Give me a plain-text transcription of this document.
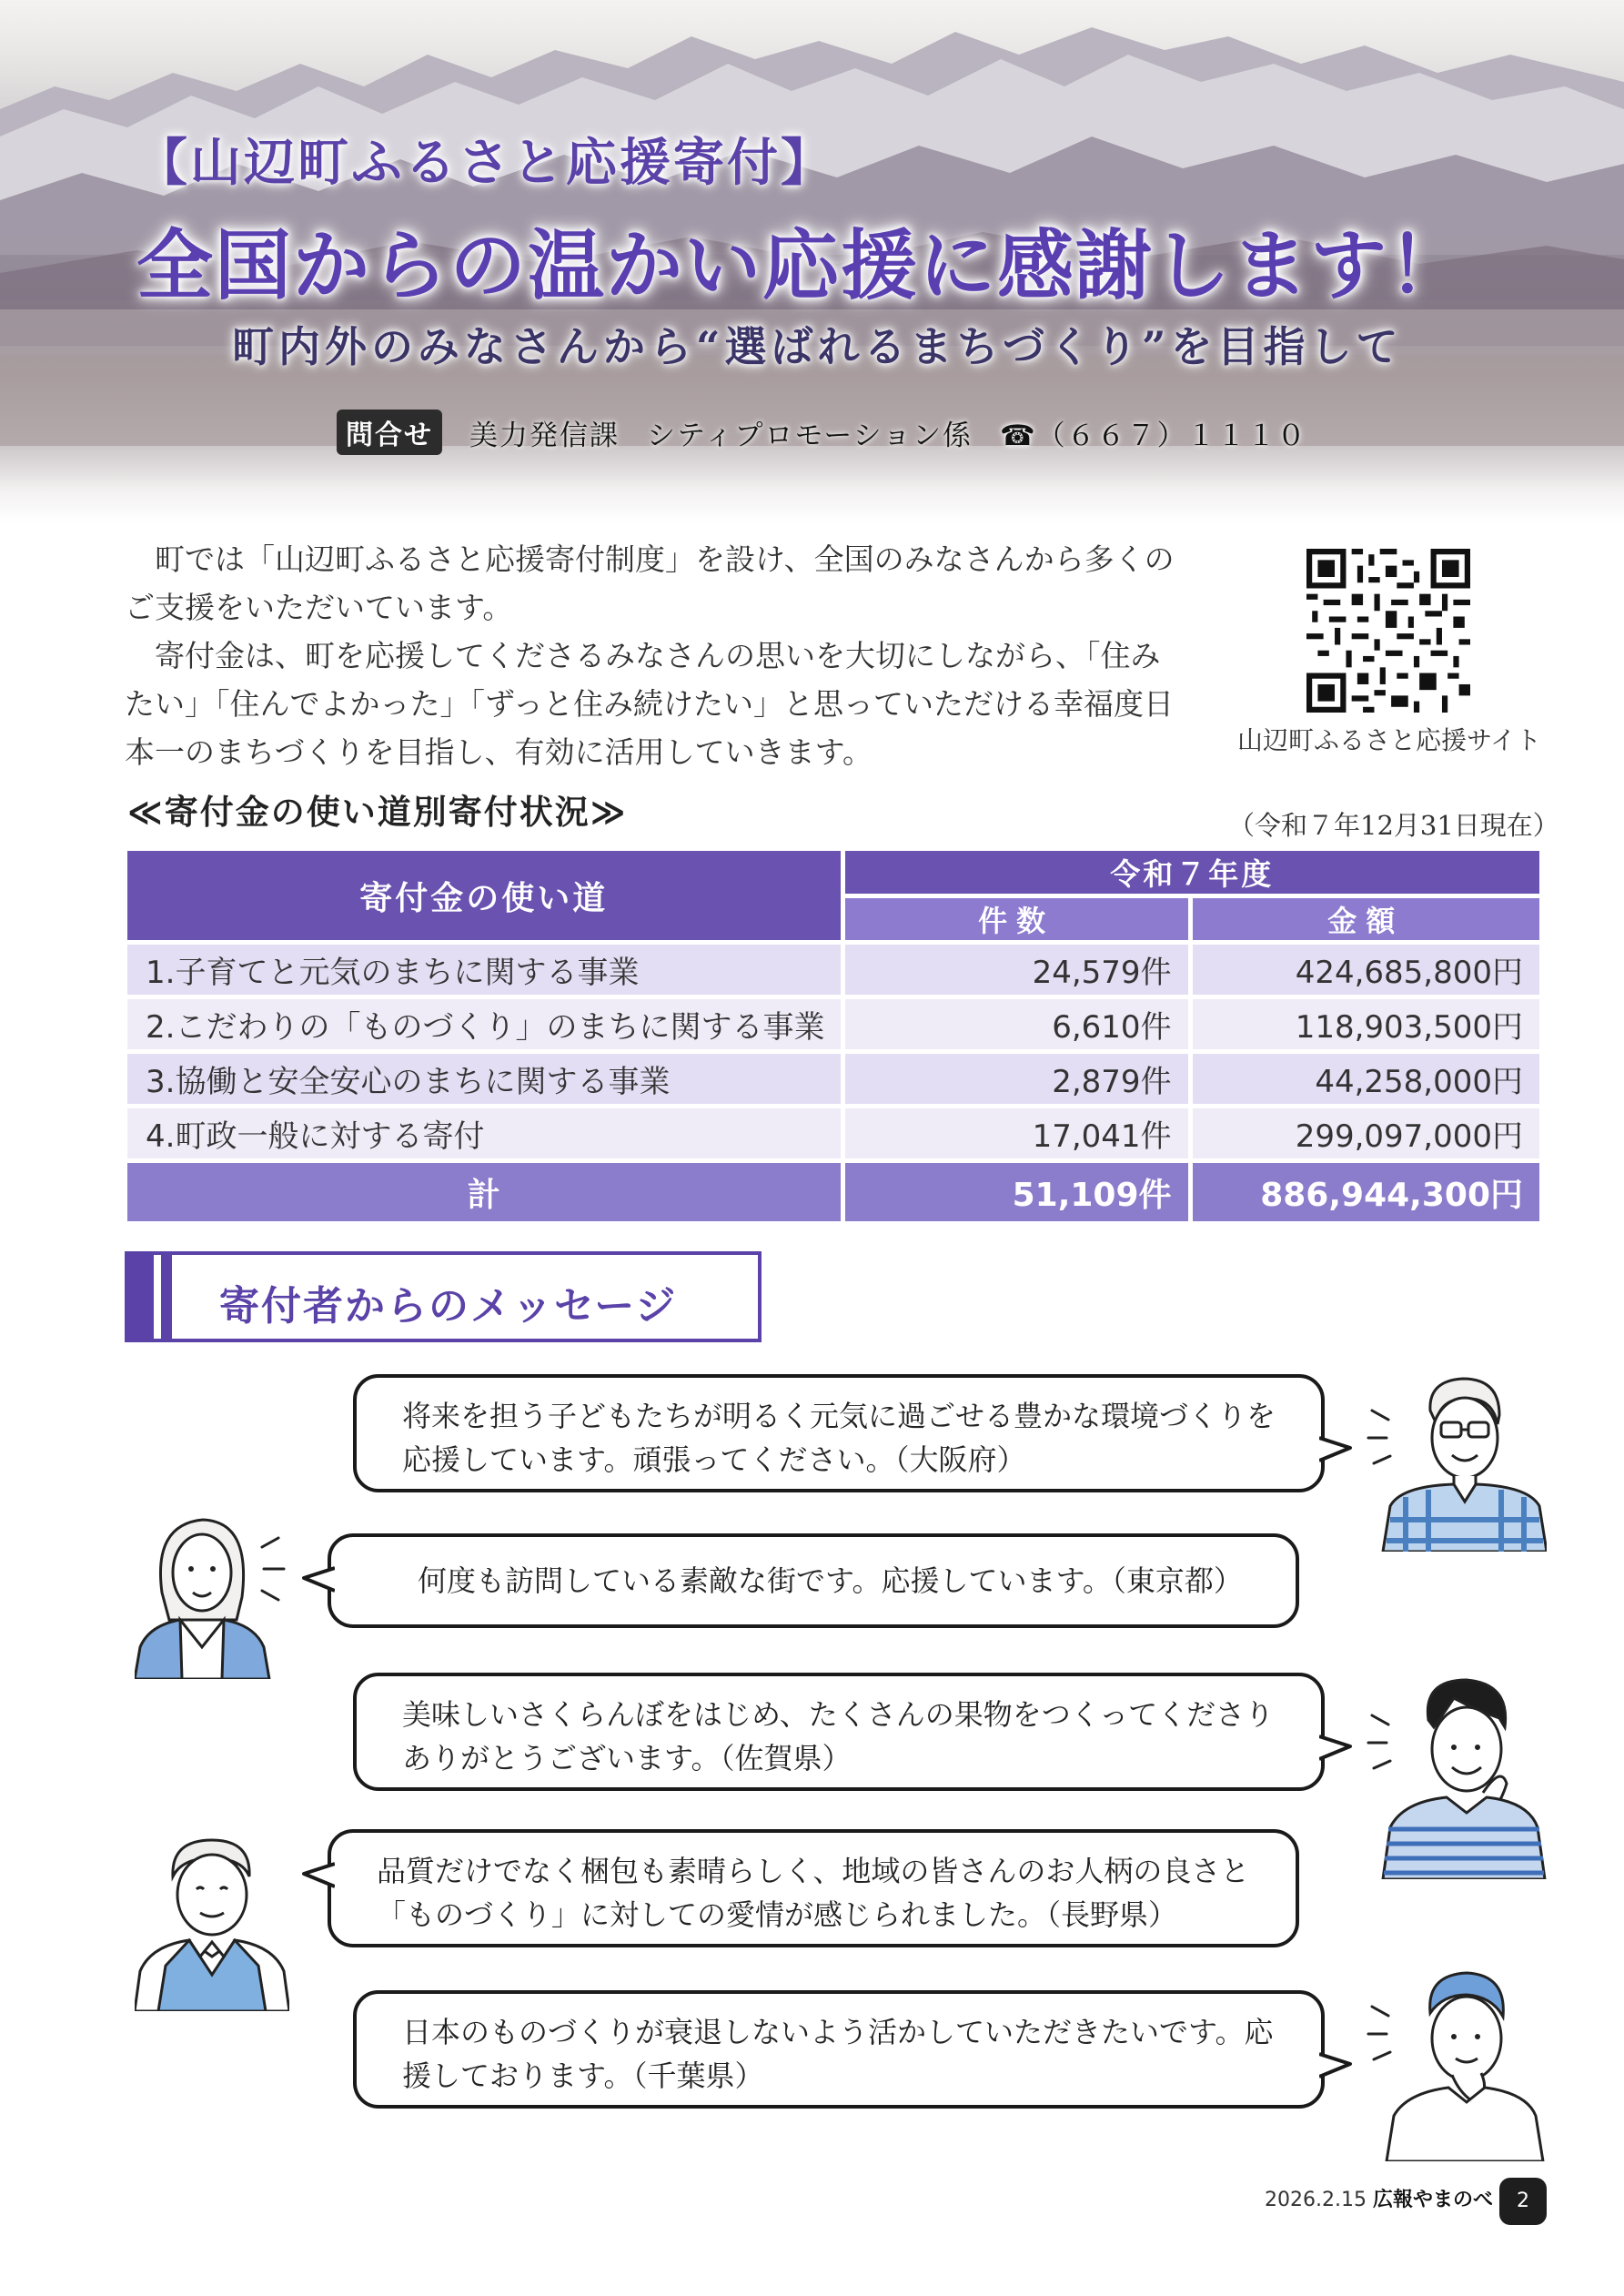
【山辺町ふるさと応援寄付】
全国からの温かい応援に感謝します！
町内外のみなさんから“選ばれるまちづくり”を目指して
問合せ	美力発信課 シティプロモーション係 ☎（６６７）１１１０

町では「山辺町ふるさと応援寄付制度」を設け、全国のみなさんから多くのご支援をいただいています。

寄付金は、町を応援してくださるみなさんの思いを大切にしながら、「住みたい」「住んでよかった」「ずっと住み続けたい」と思っていただける幸福度日本一のまちづくりを目指し、有効に活用していきます。	山辺町ふるさと応援サイト
≪寄付金の使い道別寄付状況≫	（令和７年12月31日現在）
寄付金の使い道	令和７年度	
	件数	金額
1.子育てと元気のまちに関する事業	24,579件	424,685,800円
2.こだわりの「ものづくり」のまちに関する事業	6,610件	118,903,500円
3.協働と安全安心のまちに関する事業	2,879件	44,258,000円
4.町政一般に対する寄付	17,041件	299,097,000円
計	51,109件	886,944,300円
寄付者からのメッセージ
将来を担う子どもたちが明るく元気に過ごせる豊かな環境づくりを
応援しています。頑張ってください。（大阪府）
何度も訪問している素敵な街です。応援しています。（東京都）
美味しいさくらんぼをはじめ、たくさんの果物をつくってくださり
ありがとうございます。（佐賀県）
品質だけでなく梱包も素晴らしく、地域の皆さんのお人柄の良さと
「ものづくり」に対しての愛情が感じられました。（長野県）
日本のものづくりが衰退しないよう活かしていただきたいです。応
援しております。（千葉県）
2026.2.15 広報やまのべ	2
